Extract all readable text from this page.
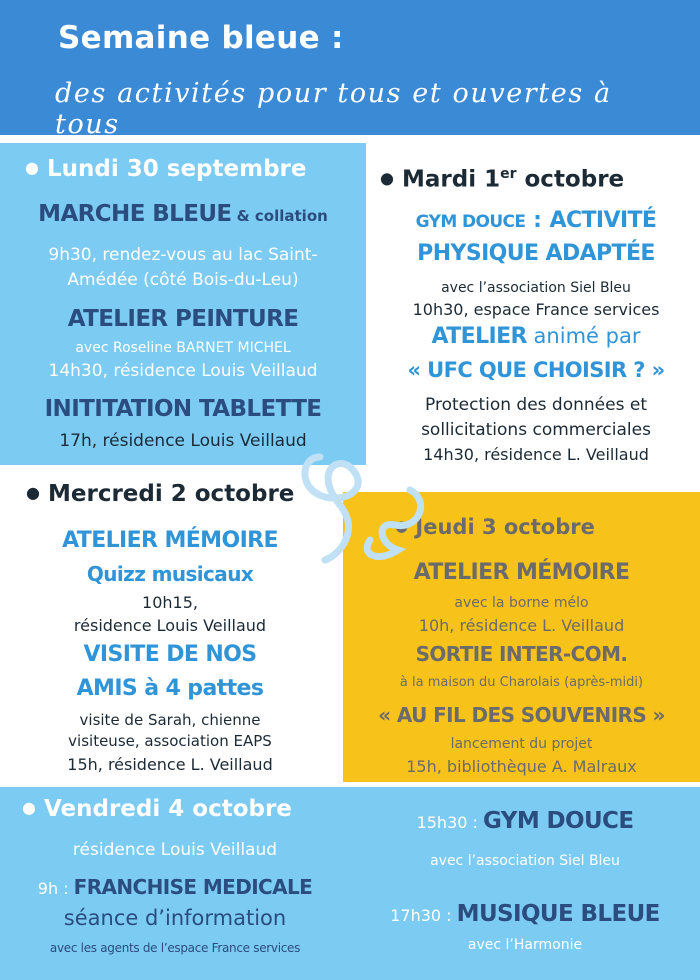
Semaine bleue :
des activités pour tous et ouvertes à tous
● Lundi 30 septembre
MARCHE BLEUE & collation
9h30, rendez-vous au lac Saint-
Amédée (côté Bois-du-Leu)
ATELIER PEINTURE
avec Roseline BARNET MICHEL
14h30, résidence Louis Veillaud
INITITATION TABLETTE
17h, résidence Louis Veillaud
● Mardi 1er octobre
GYM DOUCE : ACTIVITÉ
PHYSIQUE ADAPTÉE
avec l’association Siel Bleu
10h30, espace France services
ATELIER animé par
« UFC QUE CHOISIR ? »
Protection des données et
sollicitations commerciales
14h30, résidence L. Veillaud
● Mercredi 2 octobre
ATELIER MÉMOIRE
Quizz musicaux
10h15,
résidence Louis Veillaud
VISITE DE NOS
AMIS à 4 pattes
visite de Sarah, chienne
visiteuse, association EAPS
15h, résidence L. Veillaud
● Jeudi 3 octobre
ATELIER MÉMOIRE
avec la borne mélo
10h, résidence L. Veillaud
SORTIE INTER-COM.
à la maison du Charolais (après-midi)
« AU FIL DES SOUVENIRS »
lancement du projet
15h, bibliothèque A. Malraux
● Vendredi 4 octobre
résidence Louis Veillaud
9h : FRANCHISE MEDICALE
séance d’information
avec les agents de l’espace France services
15h30 : GYM DOUCE
avec l’association Siel Bleu
17h30 : MUSIQUE BLEUE
avec l’Harmonie
